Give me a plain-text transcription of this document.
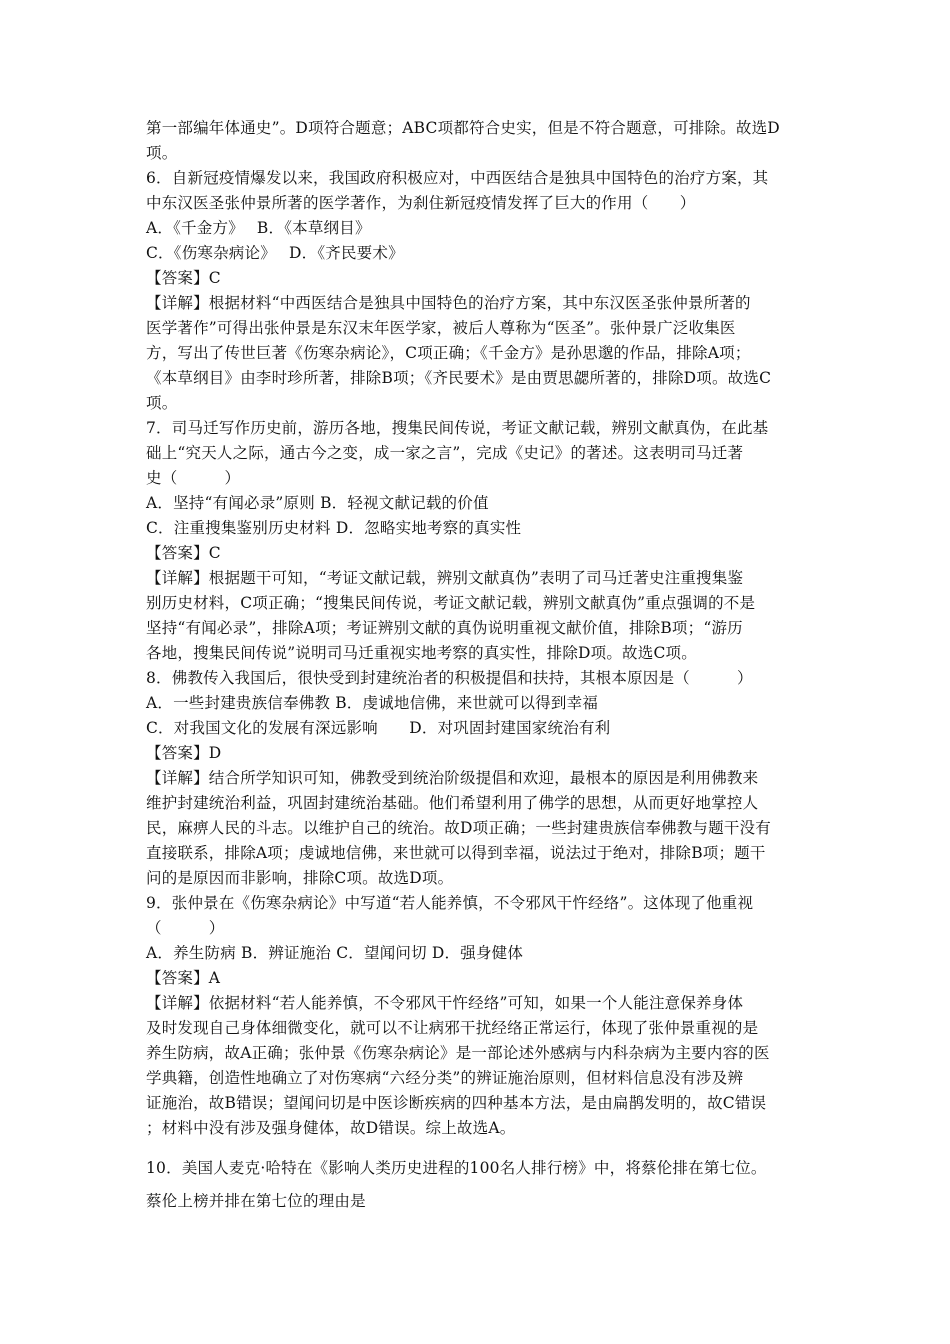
第一部编年体通史”。D项符合题意；ABC项都符合史实，但是不符合题意，可排除。故选D
项。
6．自新冠疫情爆发以来，我国政府积极应对，中西医结合是独具中国特色的治疗方案，其
中东汉医圣张仲景所著的医学著作，为刹住新冠疫情发挥了巨大的作用（　　）
A．《千金方》　 B．《本草纲目》
C．《伤寒杂病论》　 D．《齐民要术》
【答案】C
【详解】根据材料“中西医结合是独具中国特色的治疗方案，其中东汉医圣张仲景所著的
医学著作”可得出张仲景是东汉末年医学家，被后人尊称为“医圣”。张仲景广泛收集医
方，写出了传世巨著《伤寒杂病论》，C项正确；《千金方》是孙思邈的作品，排除A项；
《本草纲目》由李时珍所著，排除B项；《齐民要术》是由贾思勰所著的，排除D项。故选C
项。
7．司马迁写作历史前，游历各地，搜集民间传说，考证文献记载，辨别文献真伪，在此基
础上“究天人之际，通古今之变，成一家之言”，完成《史记》的著述。这表明司马迁著
史（　　　）
A．坚持“有闻必录”原则 B．轻视文献记载的价值
C．注重搜集鉴别历史材料 D．忽略实地考察的真实性
【答案】C
【详解】根据题干可知，“考证文献记载，辨别文献真伪”表明了司马迁著史注重搜集鉴
别历史材料，C项正确；“搜集民间传说，考证文献记载，辨别文献真伪”重点强调的不是
坚持“有闻必录”，排除A项；考证辨别文献的真伪说明重视文献价值，排除B项；“游历
各地，搜集民间传说”说明司马迁重视实地考察的真实性，排除D项。故选C项。
8．佛教传入我国后，很快受到封建统治者的积极提倡和扶持，其根本原因是（　　　）
A．一些封建贵族信奉佛教 B．虔诚地信佛，来世就可以得到幸福
C．对我国文化的发展有深远影响　　D．对巩固封建国家统治有利
【答案】D
【详解】结合所学知识可知，佛教受到统治阶级提倡和欢迎，最根本的原因是利用佛教来
维护封建统治利益，巩固封建统治基础。他们希望利用了佛学的思想，从而更好地掌控人
民，麻痹人民的斗志。以维护自己的统治。故D项正确；一些封建贵族信奉佛教与题干没有
直接联系，排除A项；虔诚地信佛，来世就可以得到幸福，说法过于绝对，排除B项；题干
问的是原因而非影响，排除C项。故选D项。
9．张仲景在《伤寒杂病论》中写道“若人能养慎，不令邪风干忤经络”。这体现了他重视
（　　　）
A．养生防病 B．辨证施治 C．望闻问切 D．强身健体
【答案】A
【详解】依据材料“若人能养慎，不令邪风干忤经络”可知，如果一个人能注意保养身体
及时发现自己身体细微变化，就可以不让病邪干扰经络正常运行，体现了张仲景重视的是
养生防病，故A正确；张仲景《伤寒杂病论》是一部论述外感病与内科杂病为主要内容的医
学典籍，创造性地确立了对伤寒病“六经分类”的辨证施治原则，但材料信息没有涉及辨
证施治，故B错误；望闻问切是中医诊断疾病的四种基本方法，是由扁鹊发明的，故C错误
；材料中没有涉及强身健体，故D错误。综上故选A。
10．美国人麦克·哈特在《影响人类历史进程的100名人排行榜》中，将蔡伦排在第七位。
蔡伦上榜并排在第七位的理由是
